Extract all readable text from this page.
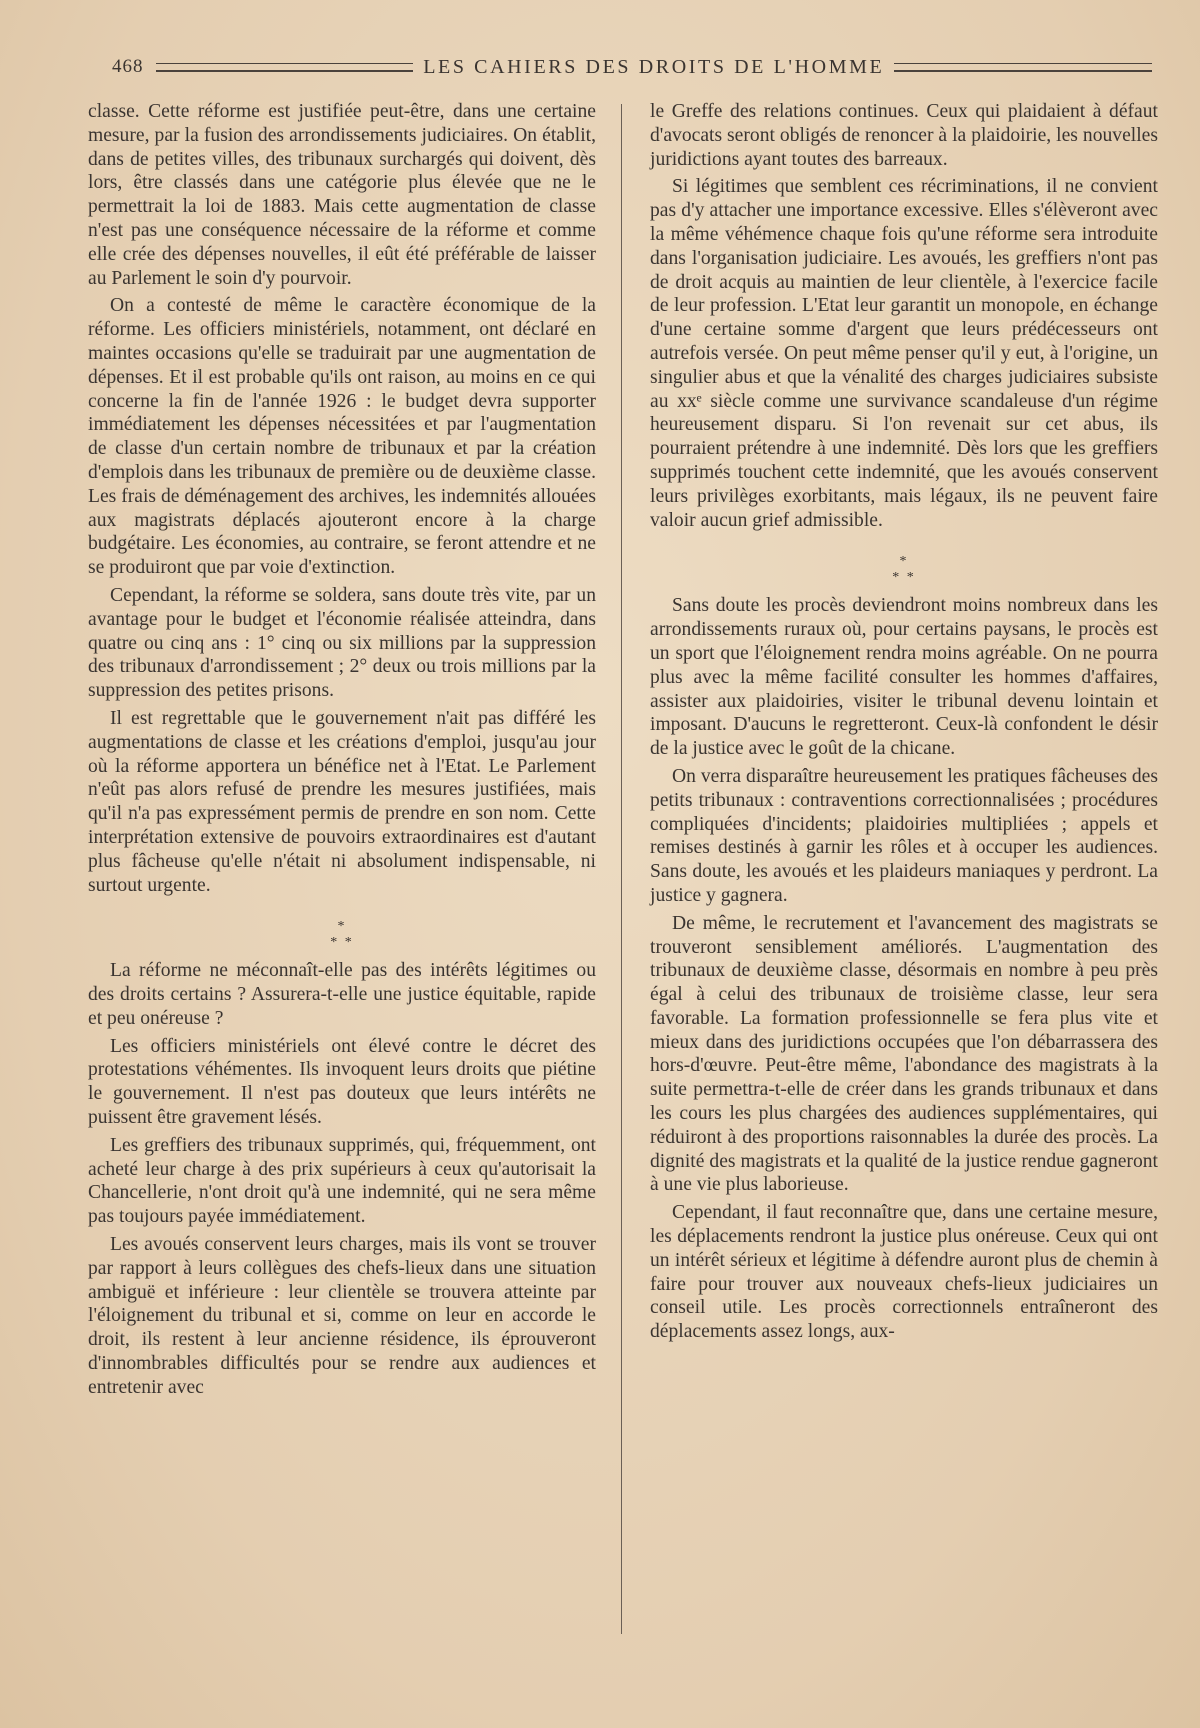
468	LES CAHIERS DES DROITS DE L'HOMME

classe. Cette réforme est justifiée peut-être, dans une certaine mesure, par la fusion des arrondissements judiciaires. On établit, dans de petites villes, des tribunaux surchargés qui doivent, dès lors, être classés dans une catégorie plus élevée que ne le permettrait la loi de 1883. Mais cette augmentation de classe n'est pas une conséquence nécessaire de la réforme et comme elle crée des dépenses nouvelles, il eût été préférable de laisser au Parlement le soin d'y pourvoir.

On a contesté de même le caractère économique de la réforme. Les officiers ministériels, notamment, ont déclaré en maintes occasions qu'elle se traduirait par une augmentation de dépenses. Et il est probable qu'ils ont raison, au moins en ce qui concerne la fin de l'année 1926 : le budget devra supporter immédiatement les dépenses nécessitées et par l'augmentation de classe d'un certain nombre de tribunaux et par la création d'emplois dans les tribunaux de première ou de deuxième classe. Les frais de déménagement des archives, les indemnités allouées aux magistrats déplacés ajouteront encore à la charge budgétaire. Les économies, au contraire, se feront attendre et ne se produiront que par voie d'extinction.

Cependant, la réforme se soldera, sans doute très vite, par un avantage pour le budget et l'économie réalisée atteindra, dans quatre ou cinq ans : 1° cinq ou six millions par la suppression des tribunaux d'arrondissement ; 2° deux ou trois millions par la suppression des petites prisons.

Il est regrettable que le gouvernement n'ait pas différé les augmentations de classe et les créations d'emploi, jusqu'au jour où la réforme apportera un bénéfice net à l'Etat. Le Parlement n'eût pas alors refusé de prendre les mesures justifiées, mais qu'il n'a pas expressément permis de prendre en son nom. Cette interprétation extensive de pouvoirs extraordinaires est d'autant plus fâcheuse qu'elle n'était ni absolument indispensable, ni surtout urgente.

*
* *

La réforme ne méconnaît-elle pas des intérêts légitimes ou des droits certains ? Assurera-t-elle une justice équitable, rapide et peu onéreuse ?

Les officiers ministériels ont élevé contre le décret des protestations véhémentes. Ils invoquent leurs droits que piétine le gouvernement. Il n'est pas douteux que leurs intérêts ne puissent être gravement lésés.

Les greffiers des tribunaux supprimés, qui, fréquemment, ont acheté leur charge à des prix supérieurs à ceux qu'autorisait la Chancellerie, n'ont droit qu'à une indemnité, qui ne sera même pas toujours payée immédiatement.

Les avoués conservent leurs charges, mais ils vont se trouver par rapport à leurs collègues des chefs-lieux dans une situation ambiguë et inférieure : leur clientèle se trouvera atteinte par l'éloignement du tribunal et si, comme on leur en accorde le droit, ils restent à leur ancienne résidence, ils éprouveront d'innombrables difficultés pour se rendre aux audiences et entretenir avec

le Greffe des relations continues. Ceux qui plaidaient à défaut d'avocats seront obligés de renoncer à la plaidoirie, les nouvelles juridictions ayant toutes des barreaux.

Si légitimes que semblent ces récriminations, il ne convient pas d'y attacher une importance excessive. Elles s'élèveront avec la même véhémence chaque fois qu'une réforme sera introduite dans l'organisation judiciaire. Les avoués, les greffiers n'ont pas de droit acquis au maintien de leur clientèle, à l'exercice facile de leur profession. L'Etat leur garantit un monopole, en échange d'une certaine somme d'argent que leurs prédécesseurs ont autrefois versée. On peut même penser qu'il y eut, à l'origine, un singulier abus et que la vénalité des charges judiciaires subsiste au xxᵉ siècle comme une survivance scandaleuse d'un régime heureusement disparu. Si l'on revenait sur cet abus, ils pourraient prétendre à une indemnité. Dès lors que les greffiers supprimés touchent cette indemnité, que les avoués conservent leurs privilèges exorbitants, mais légaux, ils ne peuvent faire valoir aucun grief admissible.

*
* *

Sans doute les procès deviendront moins nombreux dans les arrondissements ruraux où, pour certains paysans, le procès est un sport que l'éloignement rendra moins agréable. On ne pourra plus avec la même facilité consulter les hommes d'affaires, assister aux plaidoiries, visiter le tribunal devenu lointain et imposant. D'aucuns le regretteront. Ceux-là confondent le désir de la justice avec le goût de la chicane.

On verra disparaître heureusement les pratiques fâcheuses des petits tribunaux : contraventions correctionnalisées ; procédures compliquées d'incidents; plaidoiries multipliées ; appels et remises destinés à garnir les rôles et à occuper les audiences. Sans doute, les avoués et les plaideurs maniaques y perdront. La justice y gagnera.

De même, le recrutement et l'avancement des magistrats se trouveront sensiblement améliorés. L'augmentation des tribunaux de deuxième classe, désormais en nombre à peu près égal à celui des tribunaux de troisième classe, leur sera favorable. La formation professionnelle se fera plus vite et mieux dans des juridictions occupées que l'on débarrassera des hors-d'œuvre. Peut-être même, l'abondance des magistrats à la suite permettra-t-elle de créer dans les grands tribunaux et dans les cours les plus chargées des audiences supplémentaires, qui réduiront à des proportions raisonnables la durée des procès. La dignité des magistrats et la qualité de la justice rendue gagneront à une vie plus laborieuse.

Cependant, il faut reconnaître que, dans une certaine mesure, les déplacements rendront la justice plus onéreuse. Ceux qui ont un intérêt sérieux et légitime à défendre auront plus de chemin à faire pour trouver aux nouveaux chefs-lieux judiciaires un conseil utile. Les procès correctionnels entraîneront des déplacements assez longs, aux-
